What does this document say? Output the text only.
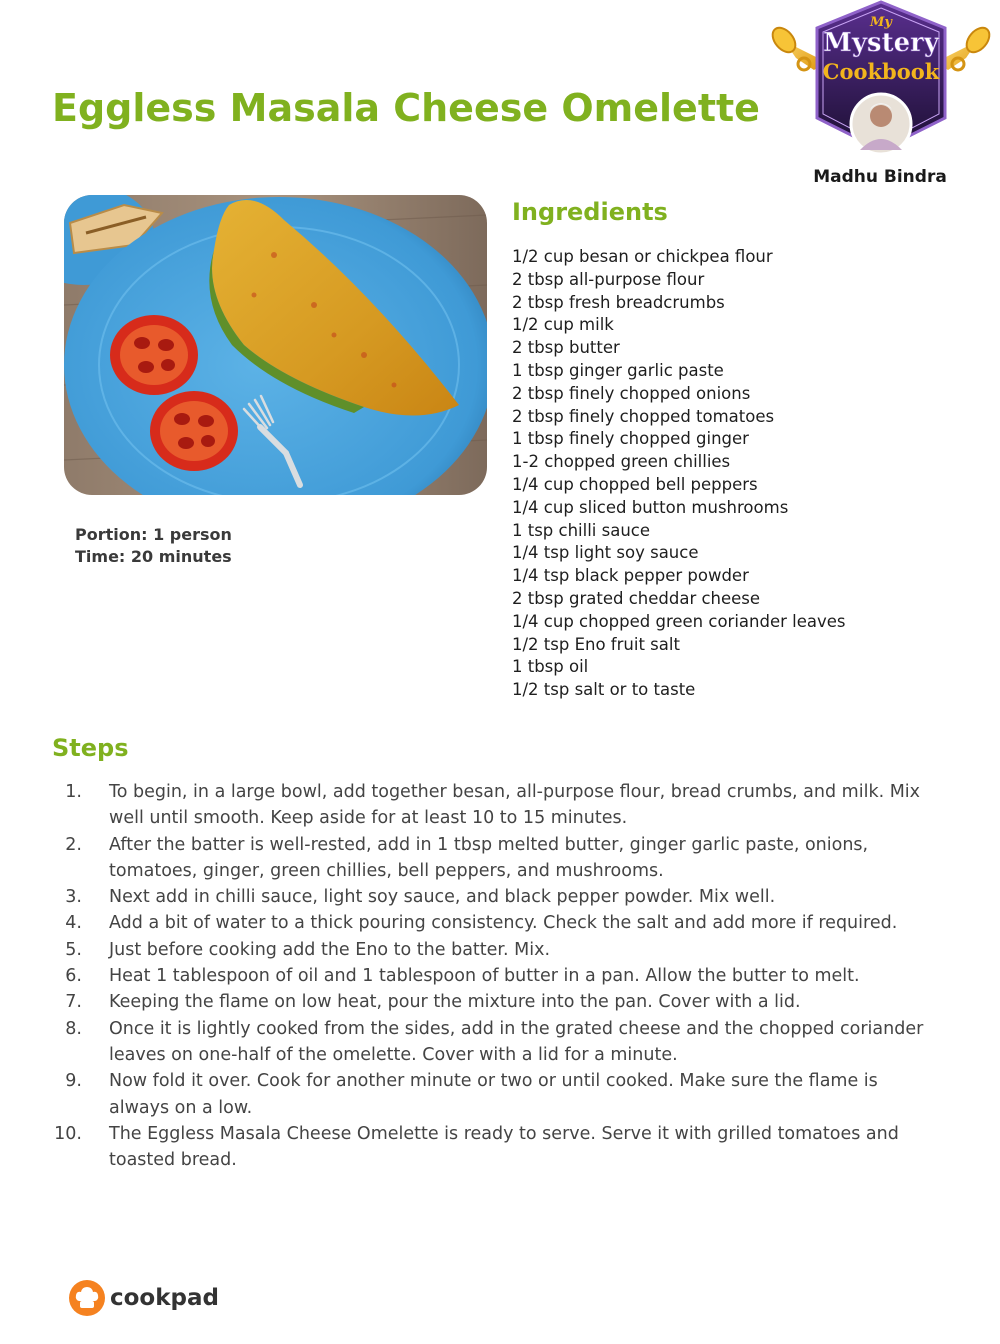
Eggless Masala Cheese Omelette
My
Mystery
Cookbook
Madhu Bindra
Portion: 1 person
Time: 20 minutes
Ingredients
1/2 cup besan or chickpea flour
2 tbsp all-purpose flour
2 tbsp fresh breadcrumbs
1/2 cup milk
2 tbsp butter
1 tbsp ginger garlic paste
2 tbsp finely chopped onions
2 tbsp finely chopped tomatoes
1 tbsp finely chopped ginger
1-2 chopped green chillies
1/4 cup chopped bell peppers
1/4 cup sliced button mushrooms
1 tsp chilli sauce
1/4 tsp light soy sauce
1/4 tsp black pepper powder
2 tbsp grated cheddar cheese
1/4 cup chopped green coriander leaves
1/2 tsp Eno fruit salt
1 tbsp oil
1/2 tsp salt or to taste
Steps
1. To begin, in a large bowl, add together besan, all-purpose flour, bread crumbs, and milk. Mix well until smooth. Keep aside for at least 10 to 15 minutes.
2. After the batter is well-rested, add in 1 tbsp melted butter, ginger garlic paste, onions, tomatoes, ginger, green chillies, bell peppers, and mushrooms.
3. Next add in chilli sauce, light soy sauce, and black pepper powder. Mix well.
4. Add a bit of water to a thick pouring consistency. Check the salt and add more if required.
5. Just before cooking add the Eno to the batter. Mix.
6. Heat 1 tablespoon of oil and 1 tablespoon of butter in a pan. Allow the butter to melt.
7. Keeping the flame on low heat, pour the mixture into the pan. Cover with a lid.
8. Once it is lightly cooked from the sides, add in the grated cheese and the chopped coriander leaves on one-half of the omelette. Cover with a lid for a minute.
9. Now fold it over. Cook for another minute or two or until cooked. Make sure the flame is always on a low.
10. The Eggless Masala Cheese Omelette is ready to serve. Serve it with grilled tomatoes and toasted bread.
cookpad
